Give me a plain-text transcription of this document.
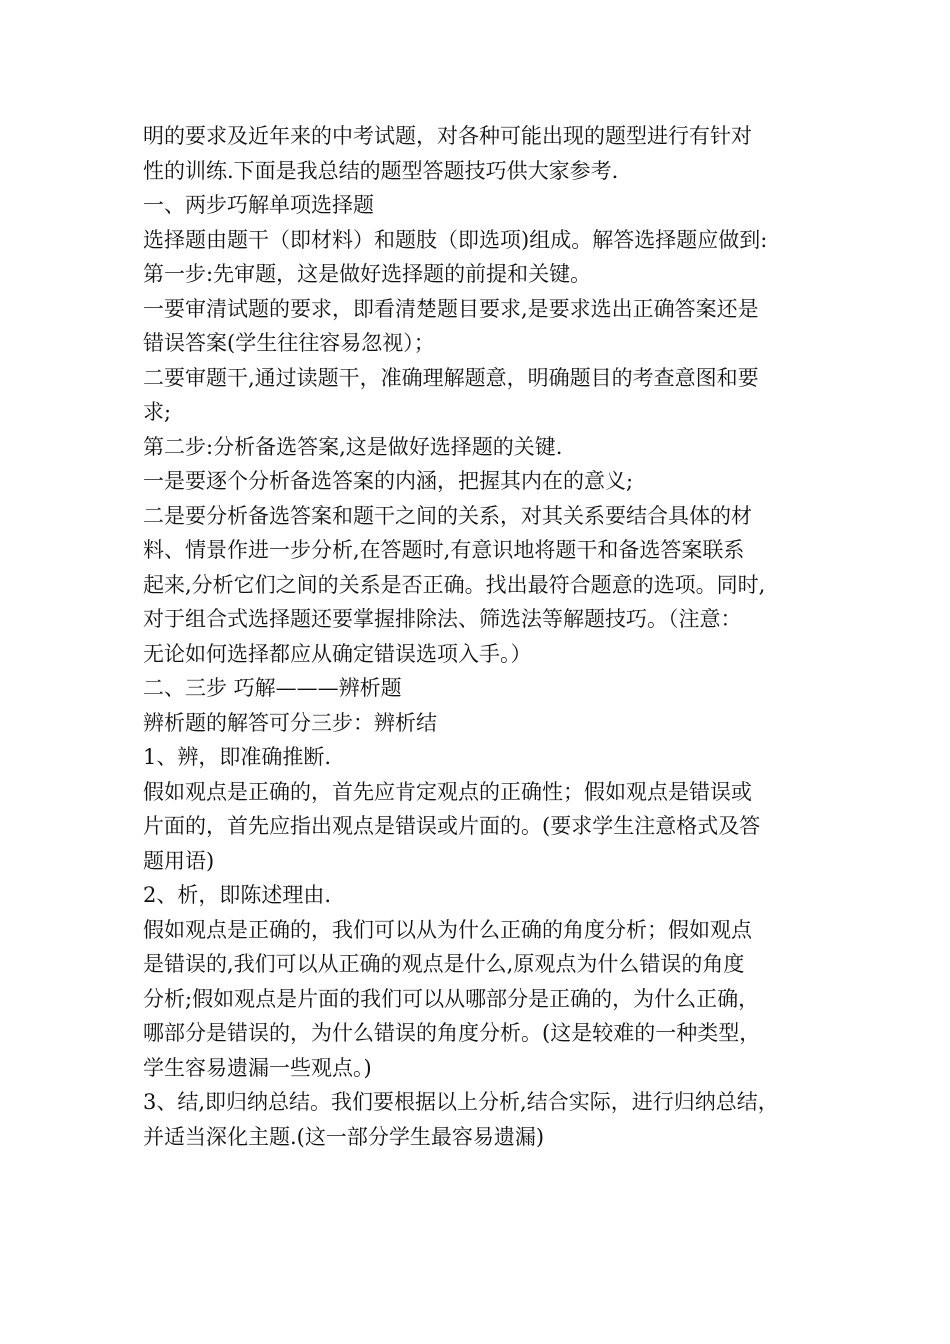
明的要求及近年来的中考试题，对各种可能出现的题型进行有针对
性的训练.下面是我总结的题型答题技巧供大家参考.
一、两步巧解单项选择题
选择题由题干（即材料）和题肢（即选项)组成。解答选择题应做到:
第一步:先审题，这是做好选择题的前提和关键。
一要审清试题的要求，即看清楚题目要求,是要求选出正确答案还是
错误答案(学生往往容易忽视）；
二要审题干,通过读题干，准确理解题意，明确题目的考查意图和要
求;
第二步:分析备选答案,这是做好选择题的关键.
一是要逐个分析备选答案的内涵，把握其内在的意义;
二是要分析备选答案和题干之间的关系，对其关系要结合具体的材
料、情景作进一步分析,在答题时,有意识地将题干和备选答案联系
起来,分析它们之间的关系是否正确。找出最符合题意的选项。同时,
对于组合式选择题还要掌握排除法、筛选法等解题技巧。（注意：
无论如何选择都应从确定错误选项入手。）
二、三步 巧解———辨析题
辨析题的解答可分三步：辨析结
1、辨，即准确推断.
假如观点是正确的，首先应肯定观点的正确性；假如观点是错误或
片面的，首先应指出观点是错误或片面的。(要求学生注意格式及答
题用语)
2、析，即陈述理由.
假如观点是正确的，我们可以从为什么正确的角度分析；假如观点
是错误的,我们可以从正确的观点是什么,原观点为什么错误的角度
分析;假如观点是片面的我们可以从哪部分是正确的，为什么正确，
哪部分是错误的，为什么错误的角度分析。(这是较难的一种类型，
学生容易遗漏一些观点。)
3、结,即归纳总结。我们要根据以上分析,结合实际，进行归纳总结，
并适当深化主题.(这一部分学生最容易遗漏)
